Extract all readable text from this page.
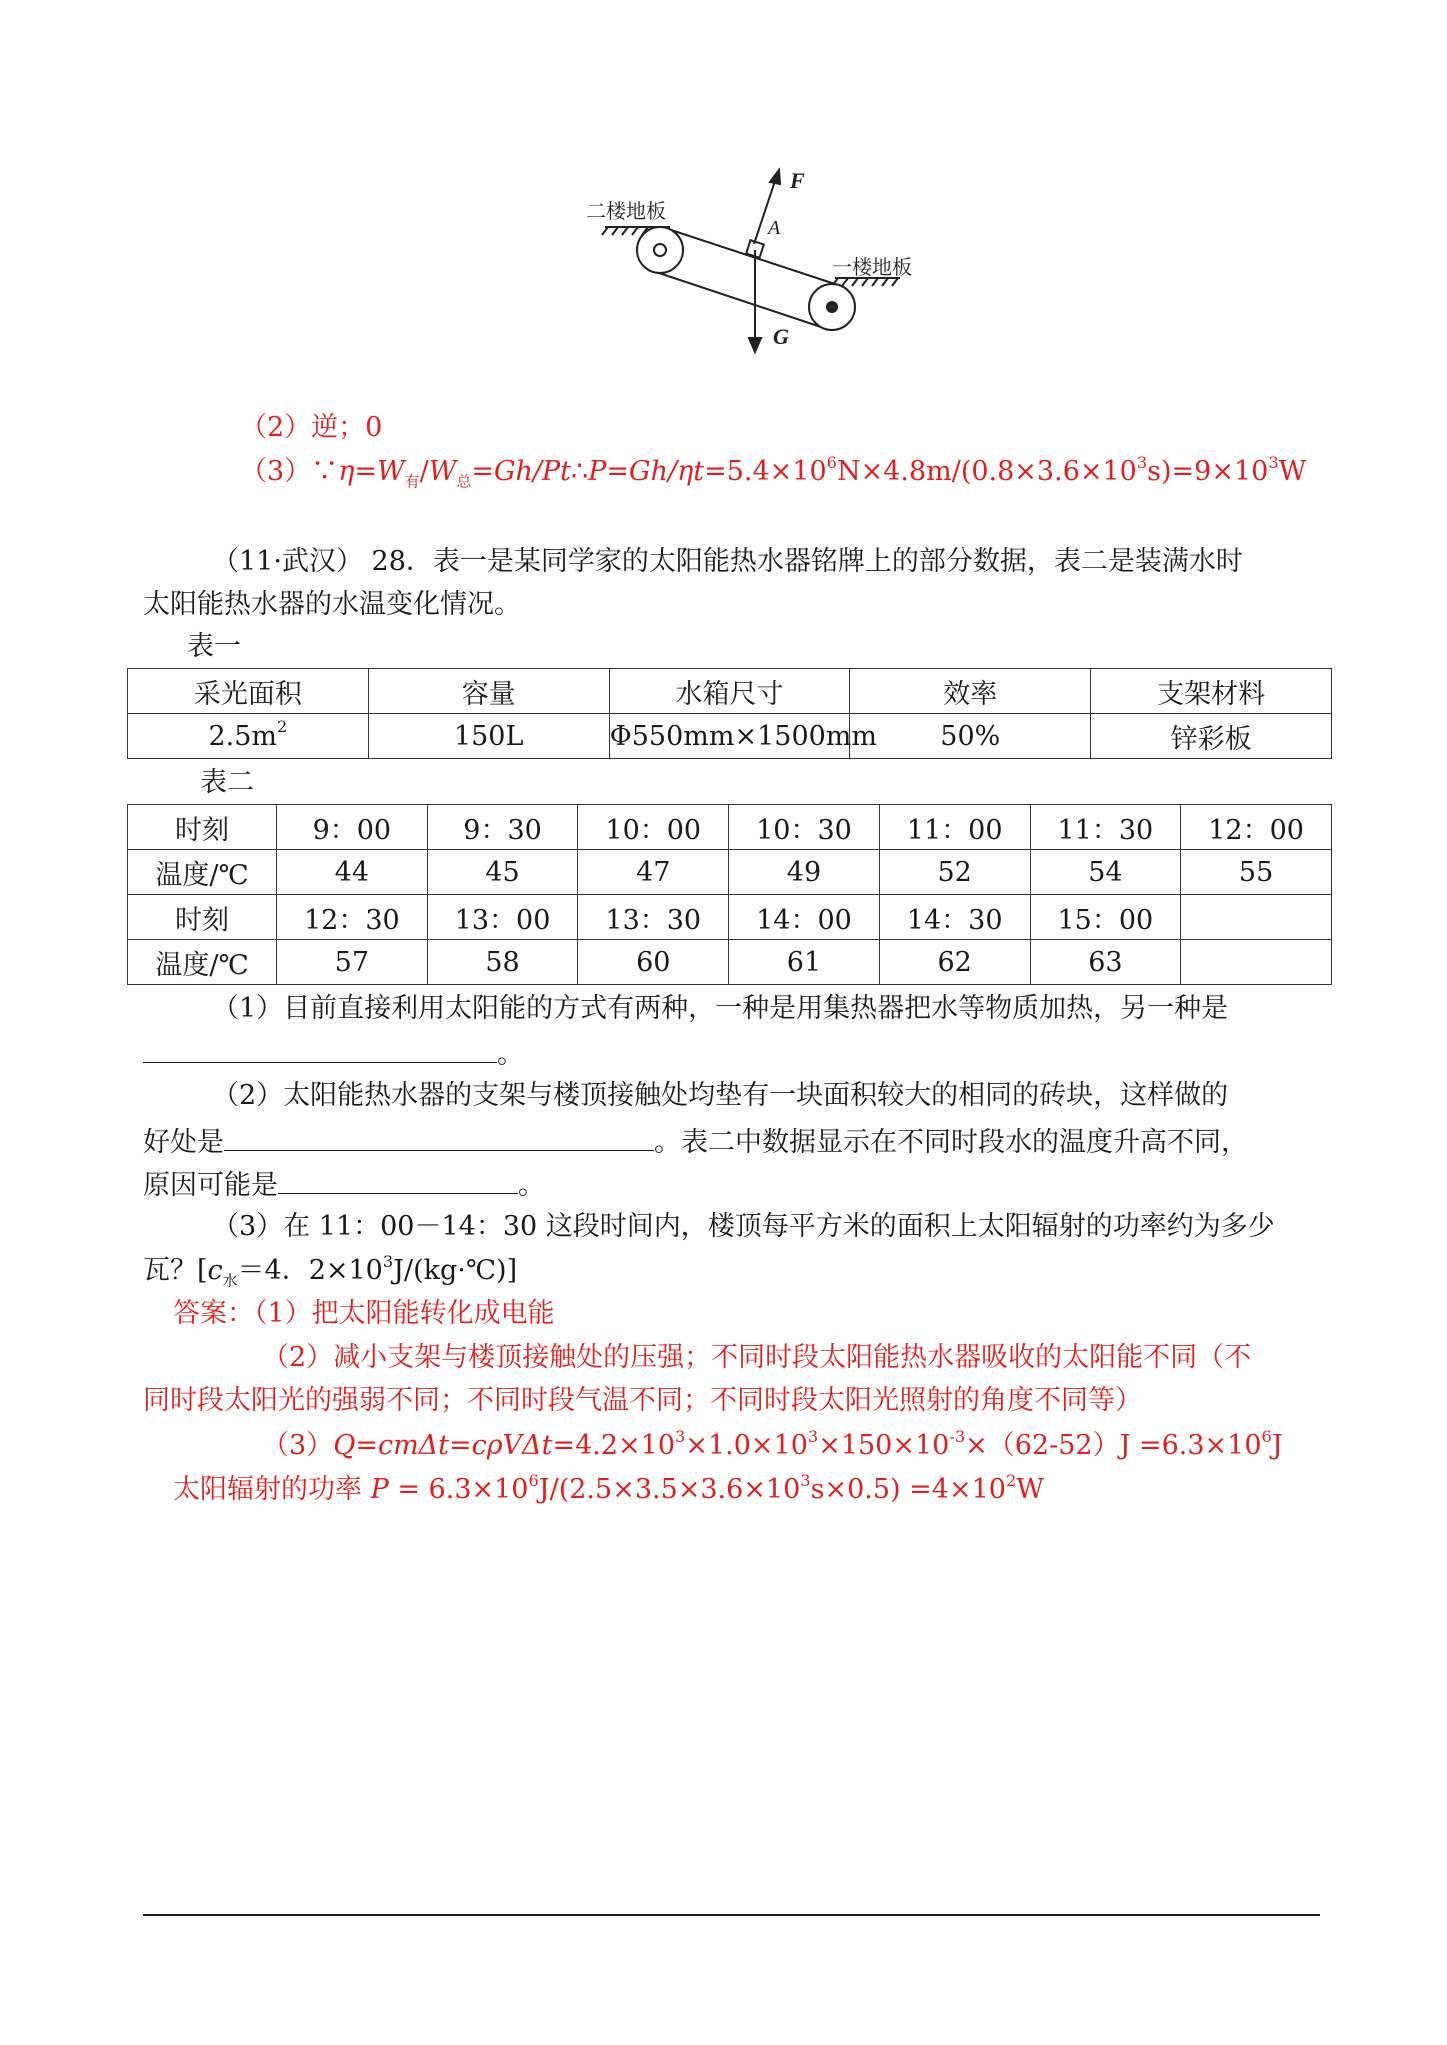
F
A
G
二楼地板
一楼地板
（2）逆；0
$(3)\because\eta=W_有/W_总=Gh/Pt\therefore P=Gh/\eta t=5.4\times 10^6N\times 4.8m/(0.8\times 3.6\times 10^3s)=9\times 10^3W$
（11·武汉） 28．表一是某同学家的太阳能热水器铭牌上的部分数据，表二是装满水时
太阳能热水器的水温变化情况。
表一
采光面积	容量	水箱尺寸	效率	支架材料
$2.5m^2$	150L	Φ550mm×1500mm	50%	锌彩板
表二
时刻	9：00	9：30	10：00	10：30	11：00	11：30	12：00
温度/℃	44	45	47	49	52	54	55
时刻	12：30	13：00	13：30	14：00	14：30	15：00	
温度/℃	57	58	60	61	62	63	
（1）目前直接利用太阳能的方式有两种，一种是用集热器把水等物质加热，另一种是
。
（2）太阳能热水器的支架与楼顶接触处均垫有一块面积较大的相同的砖块，这样做的
好处是	。表二中数据显示在不同时段水的温度升高不同，
原因可能是	。
（3）在 11：00－14：30 这段时间内，楼顶每平方米的面积上太阳辐射的功率约为多少
瓦？[$c_水=4$．$2\times 10^3J/(kg\cdot℃)$]
答案：（1）把太阳能转化成电能
（2）减小支架与楼顶接触处的压强；不同时段太阳能热水器吸收的太阳能不同（不
同时段太阳光的强弱不同；不同时段气温不同；不同时段太阳光照射的角度不同等）
$(3)Q=cm\Delta t=c\rho V\Delta t=4.2\times 10^3\times 1.0\times 10^3\times 150\times 10^{-3}\times(62-52)J =6.3\times 10^6J$
太阳辐射的功率 $P = 6.3\times 10^6J/(2.5\times 3.5\times 3.6\times 10^3s\times 0.5) =4\times 10^2W$
